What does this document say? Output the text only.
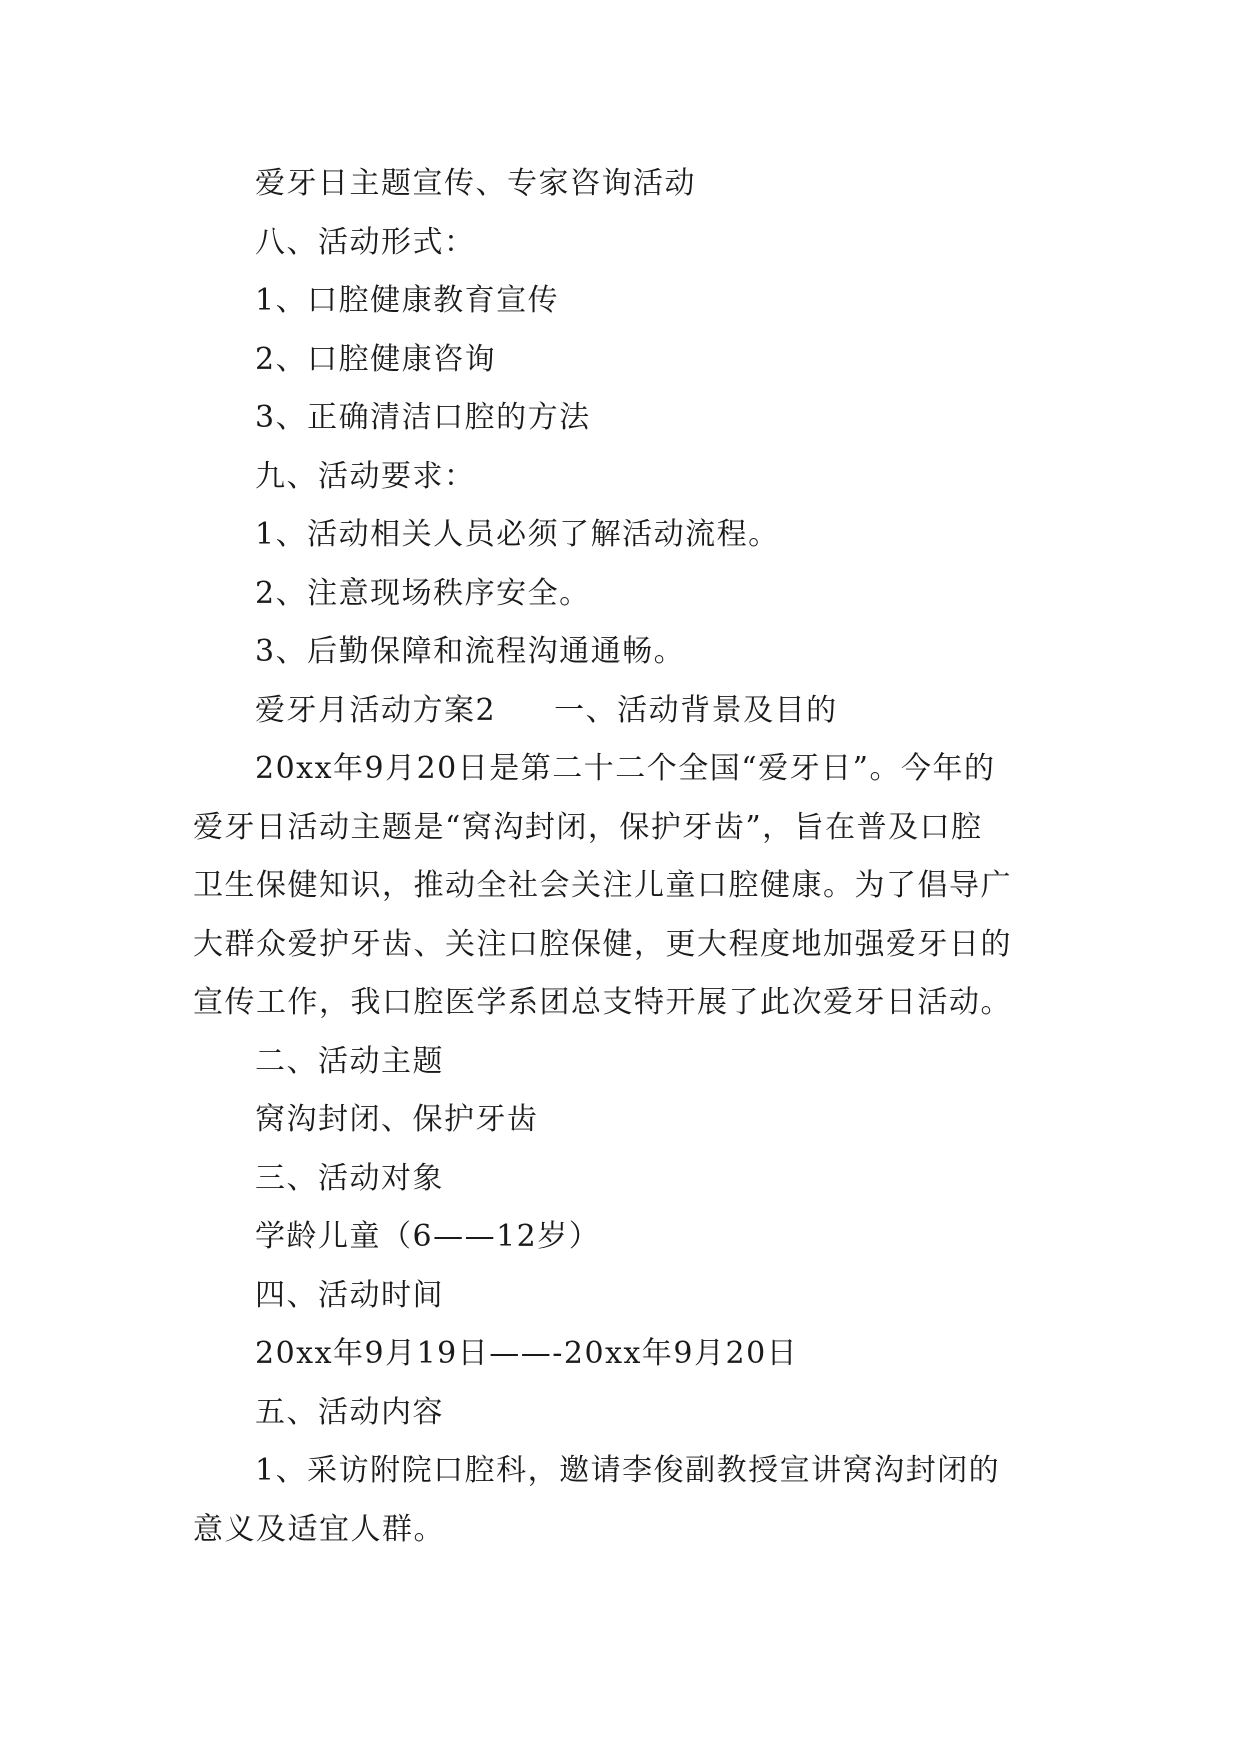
爱牙日主题宣传、专家咨询活动

八、活动形式：

1、口腔健康教育宣传

2、口腔健康咨询

3、正确清洁口腔的方法

九、活动要求：

1、活动相关人员必须了解活动流程。

2、注意现场秩序安全。

3、后勤保障和流程沟通通畅。

爱牙月活动方案2 一、活动背景及目的

20xx年9月20日是第二十二个全国“爱牙日”。今年的

爱牙日活动主题是“窝沟封闭，保护牙齿”，旨在普及口腔

卫生保健知识，推动全社会关注儿童口腔健康。为了倡导广

大群众爱护牙齿、关注口腔保健，更大程度地加强爱牙日的

宣传工作，我口腔医学系团总支特开展了此次爱牙日活动。

二、活动主题

窝沟封闭、保护牙齿

三、活动对象

学龄儿童（6——12岁）

四、活动时间

20xx年9月19日——-20xx年9月20日

五、活动内容

1、采访附院口腔科，邀请李俊副教授宣讲窝沟封闭的

意义及适宜人群。
